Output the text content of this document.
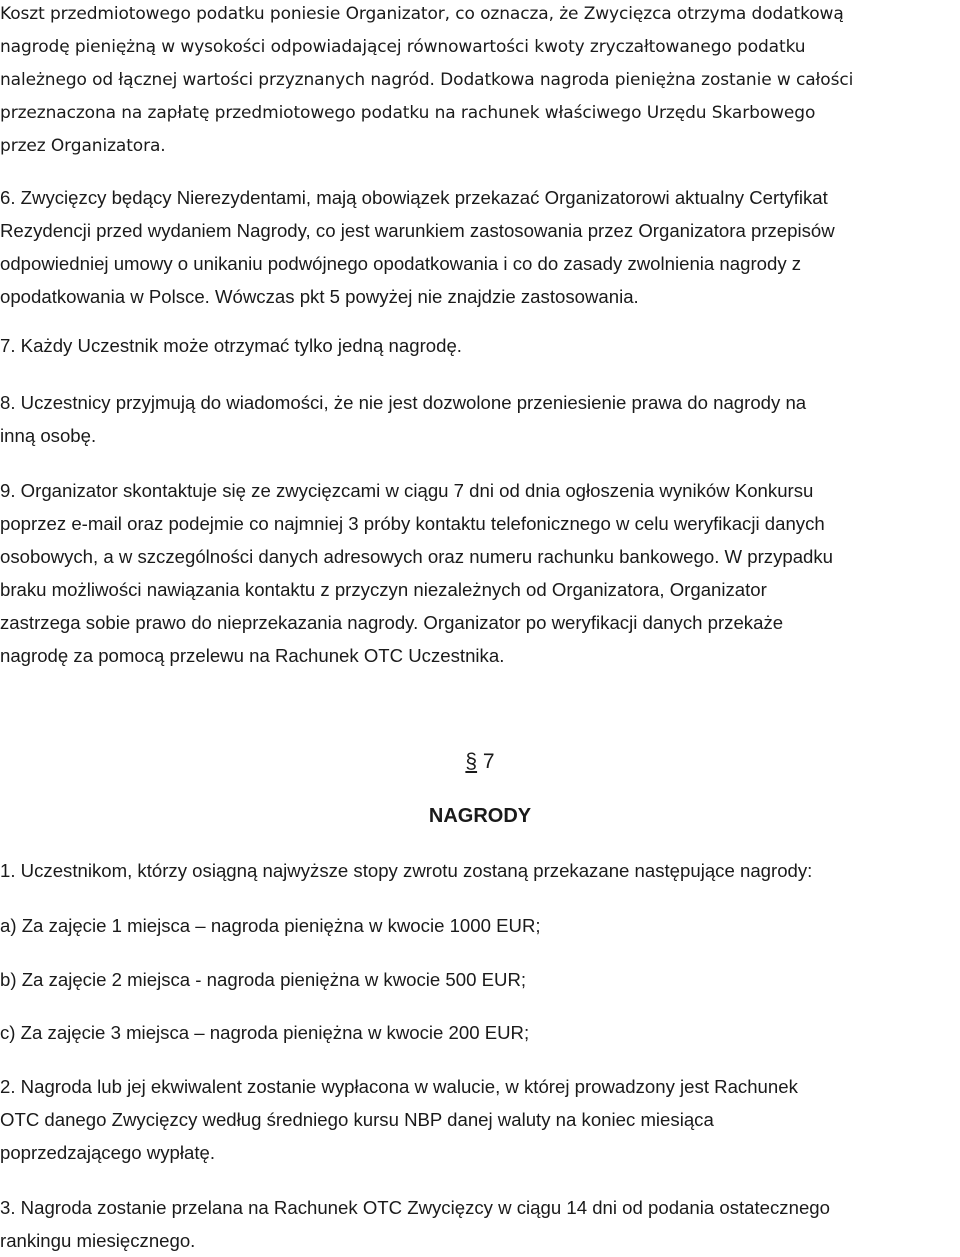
Koszt przedmiotowego podatku poniesie Organizator, co oznacza, że Zwycięzca otrzyma dodatkową
nagrodę pieniężną w wysokości odpowiadającej równowartości kwoty zryczałtowanego podatku
należnego od łącznej wartości przyznanych nagród. Dodatkowa nagroda pieniężna zostanie w całości
przeznaczona na zapłatę przedmiotowego podatku na rachunek właściwego Urzędu Skarbowego
przez Organizatora.

6. Zwycięzcy będący Nierezydentami, mają obowiązek przekazać Organizatorowi aktualny Certyfikat
Rezydencji przed wydaniem Nagrody, co jest warunkiem zastosowania przez Organizatora przepisów
odpowiedniej umowy o unikaniu podwójnego opodatkowania i co do zasady zwolnienia nagrody z
opodatkowania w Polsce. Wówczas pkt 5 powyżej nie znajdzie zastosowania.

7. Każdy Uczestnik może otrzymać tylko jedną nagrodę.

8. Uczestnicy przyjmują do wiadomości, że nie jest dozwolone przeniesienie prawa do nagrody na
inną osobę.

9. Organizator skontaktuje się ze zwycięzcami w ciągu 7 dni od dnia ogłoszenia wyników Konkursu
poprzez e-mail oraz podejmie co najmniej 3 próby kontaktu telefonicznego w celu weryfikacji danych
osobowych, a w szczególności danych adresowych oraz numeru rachunku bankowego. W przypadku
braku możliwości nawiązania kontaktu z przyczyn niezależnych od Organizatora, Organizator
zastrzega sobie prawo do nieprzekazania nagrody. Organizator po weryfikacji danych przekaże
nagrodę za pomocą przelewu na Rachunek OTC Uczestnika.

§ 7
NAGRODY

1. Uczestnikom, którzy osiągną najwyższe stopy zwrotu zostaną przekazane następujące nagrody:

a) Za zajęcie 1 miejsca – nagroda pieniężna w kwocie 1000 EUR;

b) Za zajęcie 2 miejsca - nagroda pieniężna w kwocie 500 EUR;

c) Za zajęcie 3 miejsca – nagroda pieniężna w kwocie 200 EUR;

2. Nagroda lub jej ekwiwalent zostanie wypłacona w walucie, w której prowadzony jest Rachunek
OTC danego Zwycięzcy według średniego kursu NBP danej waluty na koniec miesiąca
poprzedzającego wypłatę.

3. Nagroda zostanie przelana na Rachunek OTC Zwycięzcy w ciągu 14 dni od podania ostatecznego
rankingu miesięcznego.
